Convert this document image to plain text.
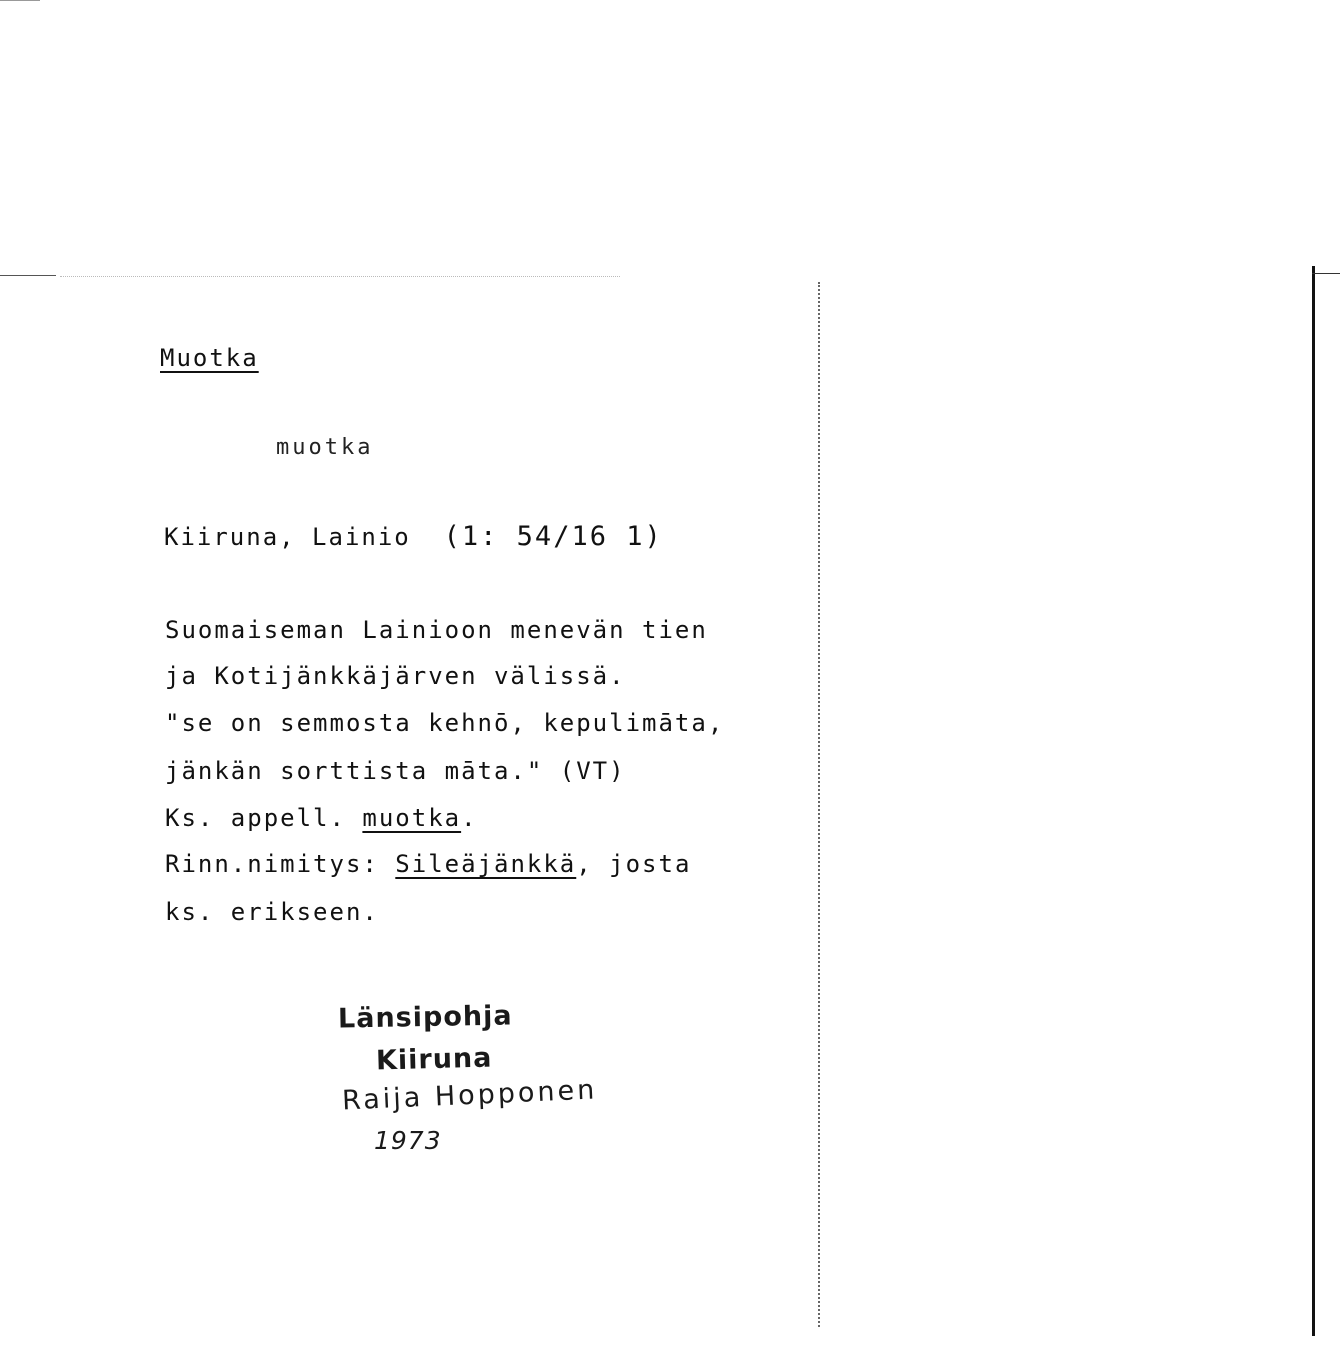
Muotka
muotka
Kiiruna, Lainio (1: 54/16 1)
Suomaiseman Lainioon menevän tien
ja Kotijänkkäjärven välissä.
"se on semmosta kehnō, kepulimāta,
jänkän sorttista māta." (VT)
Ks. appell. muotka.
Rinn.nimitys: Sileäjänkkä, josta
ks. erikseen.
Länsipohja
Kiiruna
Raija Hopponen
1973
